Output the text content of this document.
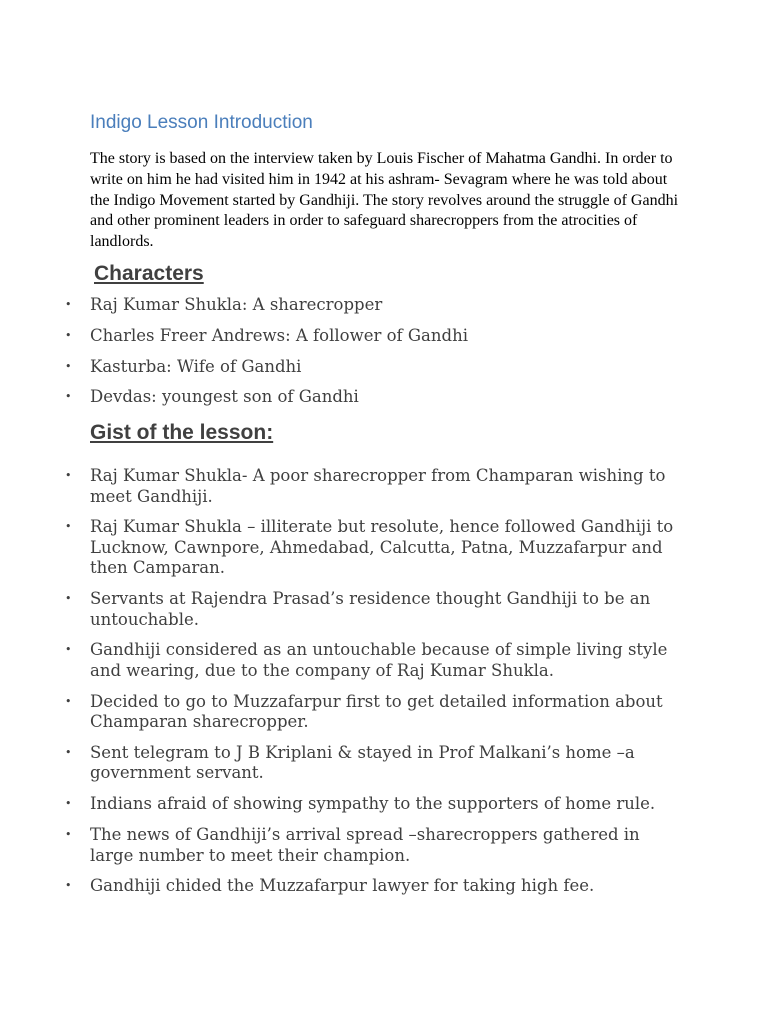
Indigo Lesson Introduction

The story is based on the interview taken by Louis Fischer of Mahatma Gandhi. In order to write on him he had visited him in 1942 at his ashram- Sevagram where he was told about the Indigo Movement started by Gandhiji. The story revolves around the struggle of Gandhi and other prominent leaders in order to safeguard sharecroppers from the atrocities of landlords.

Characters
• Raj Kumar Shukla: A sharecropper
• Charles Freer Andrews: A follower of Gandhi
• Kasturba: Wife of Gandhi
• Devdas: youngest son of Gandhi
Gist of the lesson:
• Raj Kumar Shukla- A poor sharecropper from Champaran wishing to meet Gandhiji.
• Raj Kumar Shukla – illiterate but resolute, hence followed Gandhiji to Lucknow, Cawnpore, Ahmedabad, Calcutta, Patna, Muzzafarpur and then Camparan.
• Servants at Rajendra Prasad’s residence thought Gandhiji to be an untouchable.
• Gandhiji considered as an untouchable because of simple living style and wearing, due to the company of Raj Kumar Shukla.
• Decided to go to Muzzafarpur first to get detailed information about Champaran sharecropper.
• Sent telegram to J B Kriplani & stayed in Prof Malkani’s home –a government servant.
• Indians afraid of showing sympathy to the supporters of home rule.
• The news of Gandhiji’s arrival spread –sharecroppers gathered in large number to meet their champion.
• Gandhiji chided the Muzzafarpur lawyer for taking high fee.
